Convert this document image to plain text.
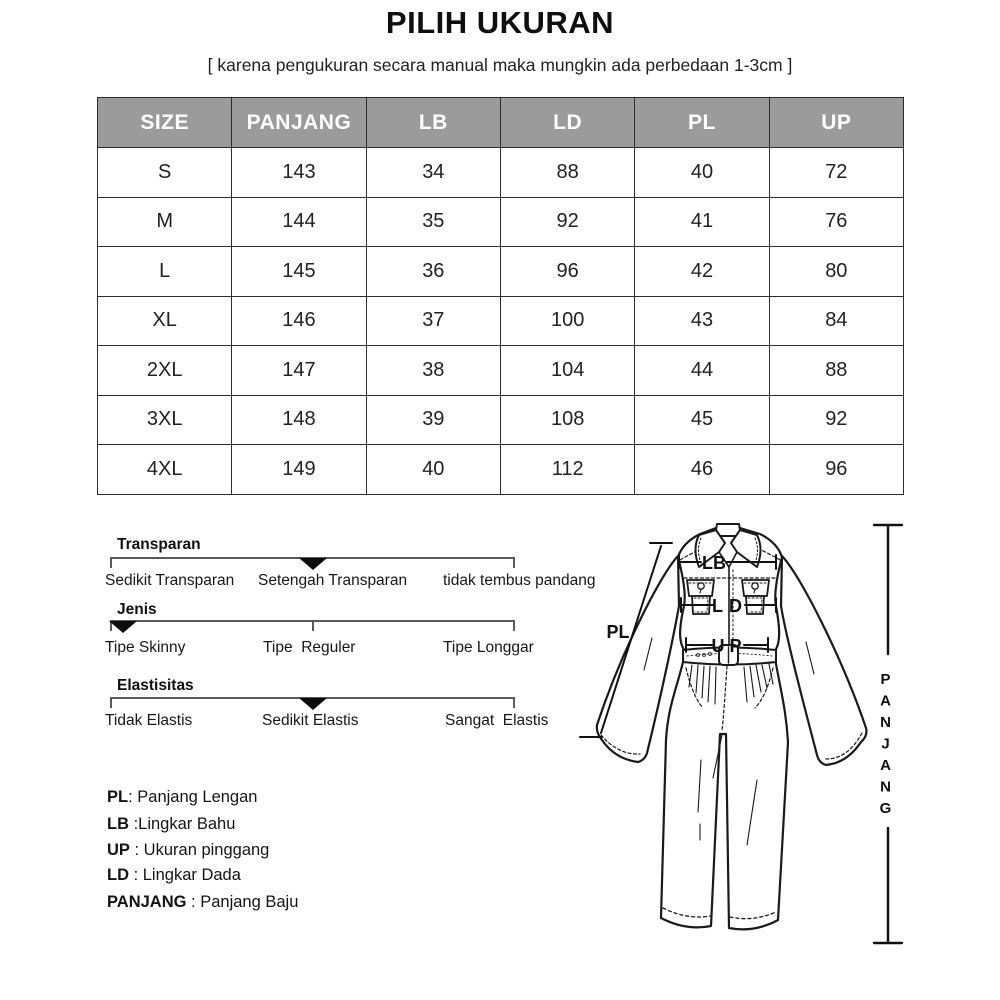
PILIH UKURAN
[ karena pengukuran secara manual maka mungkin ada perbedaan 1-3cm ]
SIZE	PANJANG	LB	LD	PL	UP
S	143	34	88	40	72
M	144	35	92	41	76
L	145	36	96	42	80
XL	146	37	100	43	84
2XL	147	38	104	44	88
3XL	148	39	108	45	92
4XL	149	40	112	46	96
Transparan
Sedikit Transparan Setengah Transparan tidak tembus pandang
Jenis
Tipe Skinny	Tipe  Reguler	Tipe Longgar
Elastisitas
Tidak Elastis	Sedikit Elastis	Sangat  Elastis
PL: Panjang Lengan
LB :Lingkar Bahu
UP : Ukuran pinggang
LD : Lingkar Dada
PANJANG : Panjang Baju
LB
LD
UP
PL
PANJANG
